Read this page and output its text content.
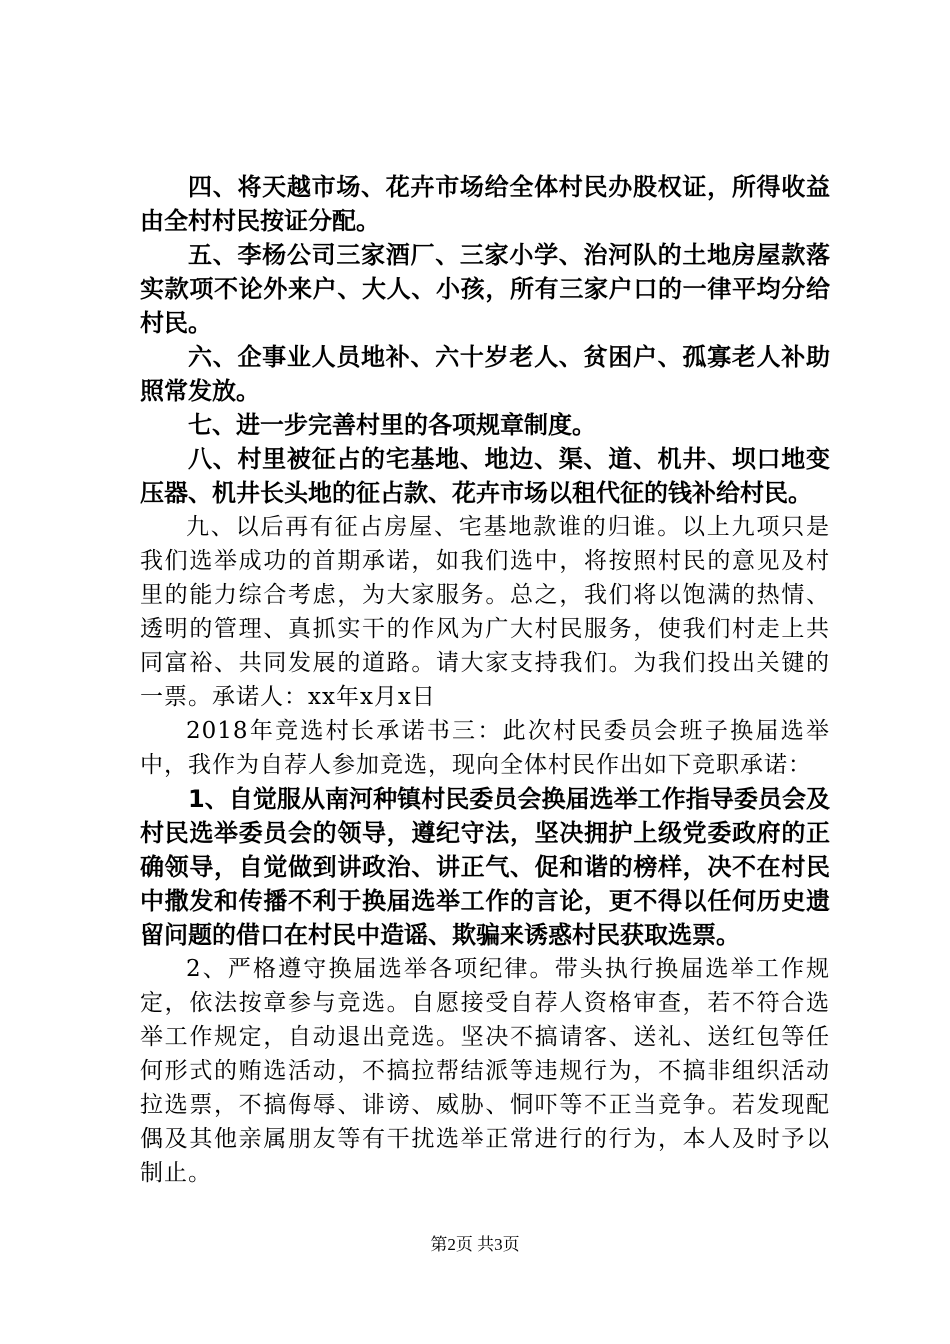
四、将天越市场、花卉市场给全体村民办股权证，所得收益由全村村民按证分配。

五、李杨公司三家酒厂、三家小学、治河队的土地房屋款落实款项不论外来户、大人、小孩，所有三家户口的一律平均分给村民。

六、企事业人员地补、六十岁老人、贫困户、孤寡老人补助照常发放。

七、进一步完善村里的各项规章制度。

八、村里被征占的宅基地、地边、渠、道、机井、坝口地变压器、机井长头地的征占款、花卉市场以租代征的钱补给村民。

九、以后再有征占房屋、宅基地款谁的归谁。以上九项只是我们选举成功的首期承诺，如我们选中，将按照村民的意见及村里的能力综合考虑，为大家服务。总之，我们将以饱满的热情、透明的管理、真抓实干的作风为广大村民服务，使我们村走上共同富裕、共同发展的道路。请大家支持我们。为我们投出关键的一票。承诺人：xx年x月x日

2018年竞选村长承诺书三：此次村民委员会班子换届选举中，我作为自荐人参加竞选，现向全体村民作出如下竞职承诺：

1、自觉服从南河种镇村民委员会换届选举工作指导委员会及村民选举委员会的领导，遵纪守法，坚决拥护上级党委政府的正确领导，自觉做到讲政治、讲正气、促和谐的榜样，决不在村民中撒发和传播不利于换届选举工作的言论，更不得以任何历史遗留问题的借口在村民中造谣、欺骗来诱惑村民获取选票。

2、严格遵守换届选举各项纪律。带头执行换届选举工作规定，依法按章参与竞选。自愿接受自荐人资格审查，若不符合选举工作规定，自动退出竞选。坚决不搞请客、送礼、送红包等任何形式的贿选活动，不搞拉帮结派等违规行为，不搞非组织活动拉选票，不搞侮辱、诽谤、威胁、恫吓等不正当竞争。若发现配偶及其他亲属朋友等有干扰选举正常进行的行为，本人及时予以制止。

第2页 共3页
